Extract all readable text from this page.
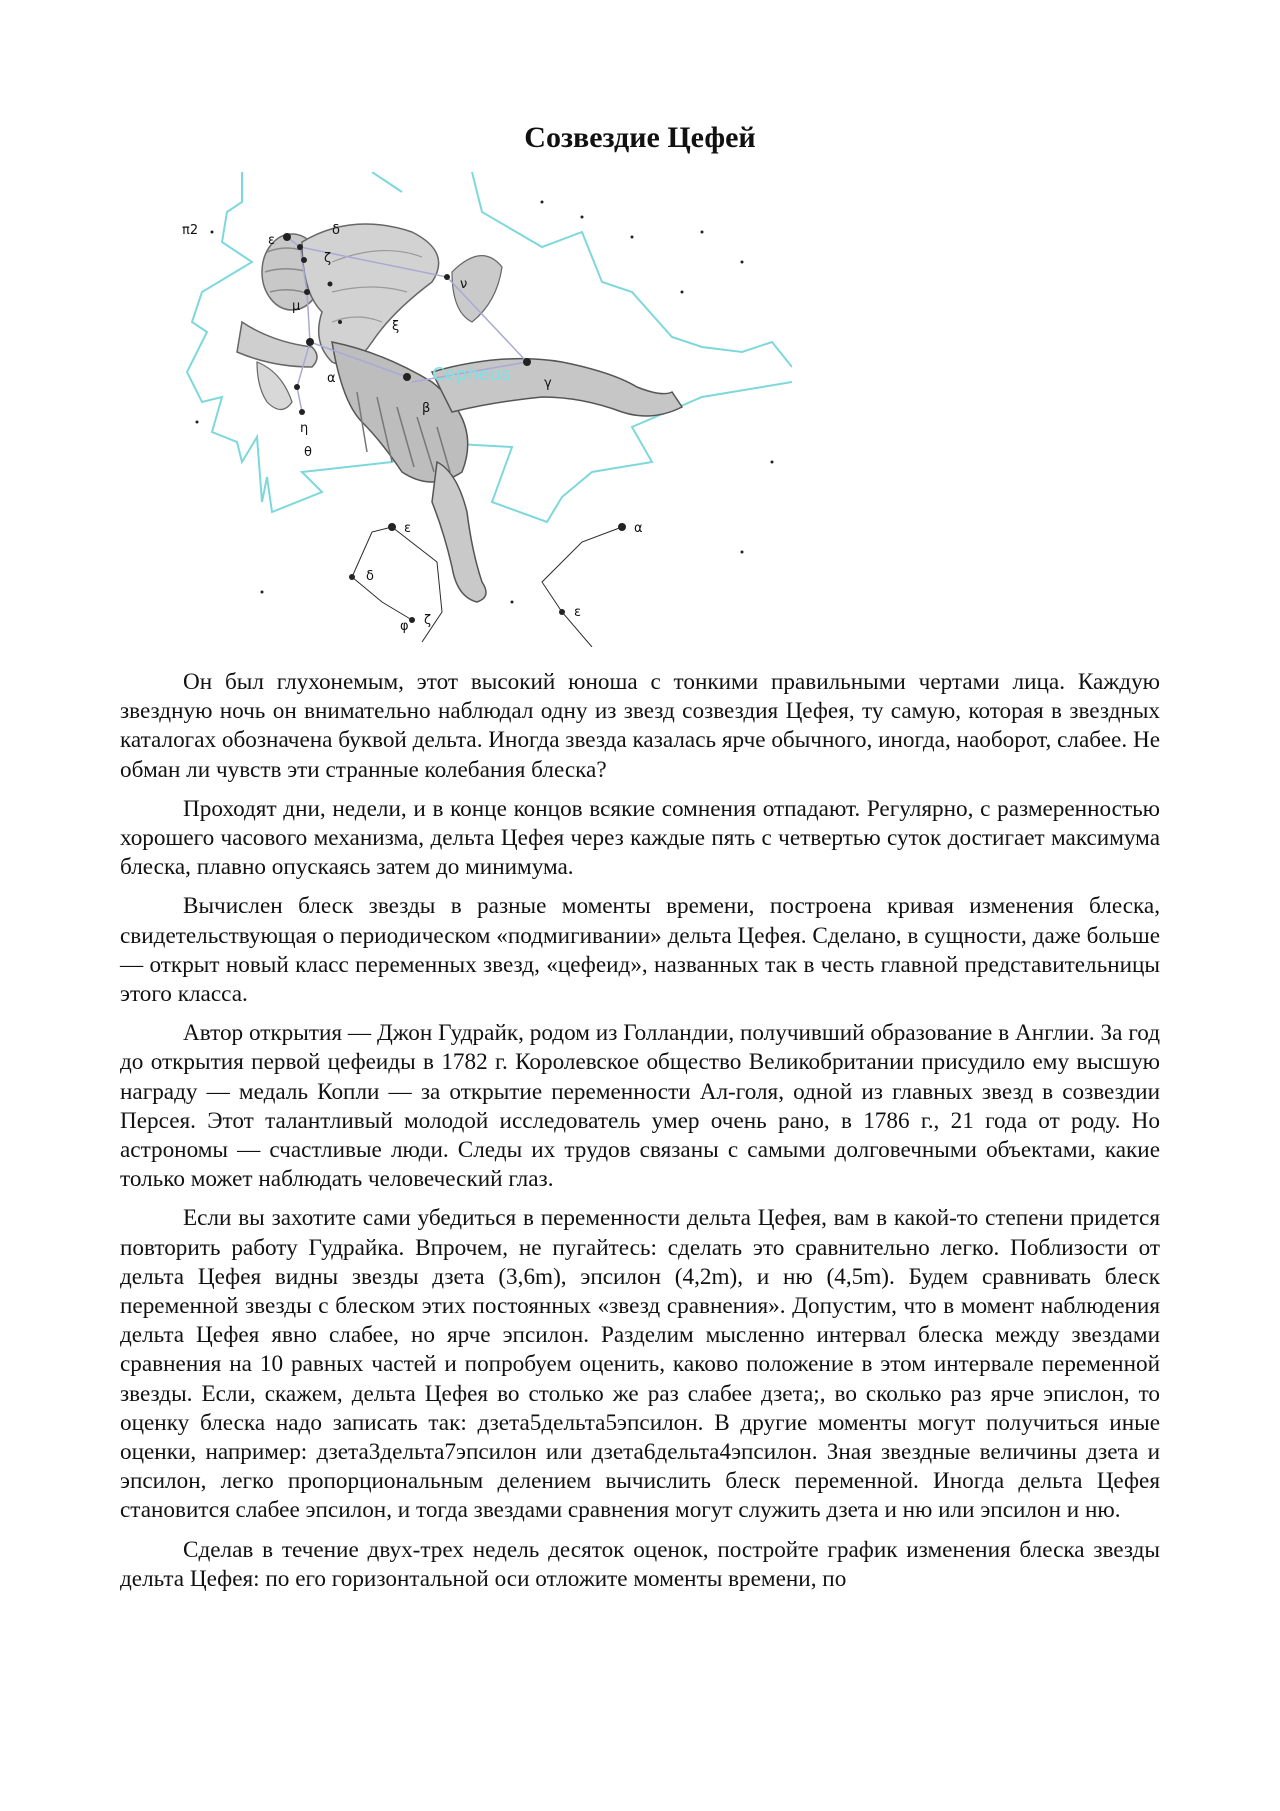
Созвездие Цефей
π2
ε
δ
ζ
ν
μ
ξ
α
β
γ
η
θ
ε
δ
ζ
φ
α
ε
Cepheus

Он был глухонемым, этот высокий юноша с тонкими правильными чертами лица. Каждую звездную ночь он внимательно наблюдал одну из звезд созвездия Цефея, ту самую, которая в звездных каталогах обозначена буквой дельта. Иногда звезда казалась ярче обычного, иногда, наоборот, слабее. Не обман ли чувств эти странные колебания блеска?

Проходят дни, недели, и в конце концов всякие сомнения отпадают. Регулярно, с размеренностью хорошего часового механизма, дельта Цефея через каждые пять с четвертью суток достигает максимума блеска, плавно опускаясь затем до минимума.

Вычислен блеск звезды в разные моменты времени, построена кривая изменения блеска, свидетельствующая о периодическом «подмигивании» дельта Цефея. Сделано, в сущности, даже больше — открыт новый класс переменных звезд, «цефеид», названных так в честь главной представительницы этого класса.

Автор открытия — Джон Гудрайк, родом из Голландии, получивший образование в Англии. За год до открытия первой цефеиды в 1782 г. Королевское общество Великобритании присудило ему высшую награду — медаль Копли — за открытие переменности Ал-голя, одной из главных звезд в созвездии Персея. Этот талантливый молодой исследователь умер очень рано, в 1786 г., 21 года от роду. Но астрономы — счастливые люди. Следы их трудов связаны с самыми долговечными объектами, какие только может наблюдать человеческий глаз.

Если вы захотите сами убедиться в переменности дельта Цефея, вам в какой-то степени придется повторить работу Гудрайка. Впрочем, не пугайтесь: сделать это сравнительно легко. Поблизости от дельта Цефея видны звезды дзета (3,6m), эпсилон (4,2m), и ню (4,5m). Будем сравнивать блеск переменной звезды с блеском этих постоянных «звезд сравнения». Допустим, что в момент наблюдения дельта Цефея явно слабее, но ярче эпсилон. Разделим мысленно интервал блеска между звездами сравнения на 10 равных частей и попробуем оценить, каково положение в этом интервале переменной звезды. Если, скажем, дельта Цефея во столько же раз слабее дзета;, во сколько раз ярче эпислон, то оценку блеска надо записать так: дзета5дельта5эпсилон. В другие моменты могут получиться иные оценки, например: дзета3дельта7эпсилон или дзета6дельта4эпсилон. Зная звездные величины дзета и эпсилон, легко пропорциональным делением вычислить блеск переменной. Иногда дельта Цефея становится слабее эпсилон, и тогда звездами сравнения могут служить дзета и ню или эпсилон и ню.

Сделав в течение двух-трех недель десяток оценок, постройте график изменения блеска звезды дельта Цефея: по его горизонтальной оси отложите моменты времени, по
